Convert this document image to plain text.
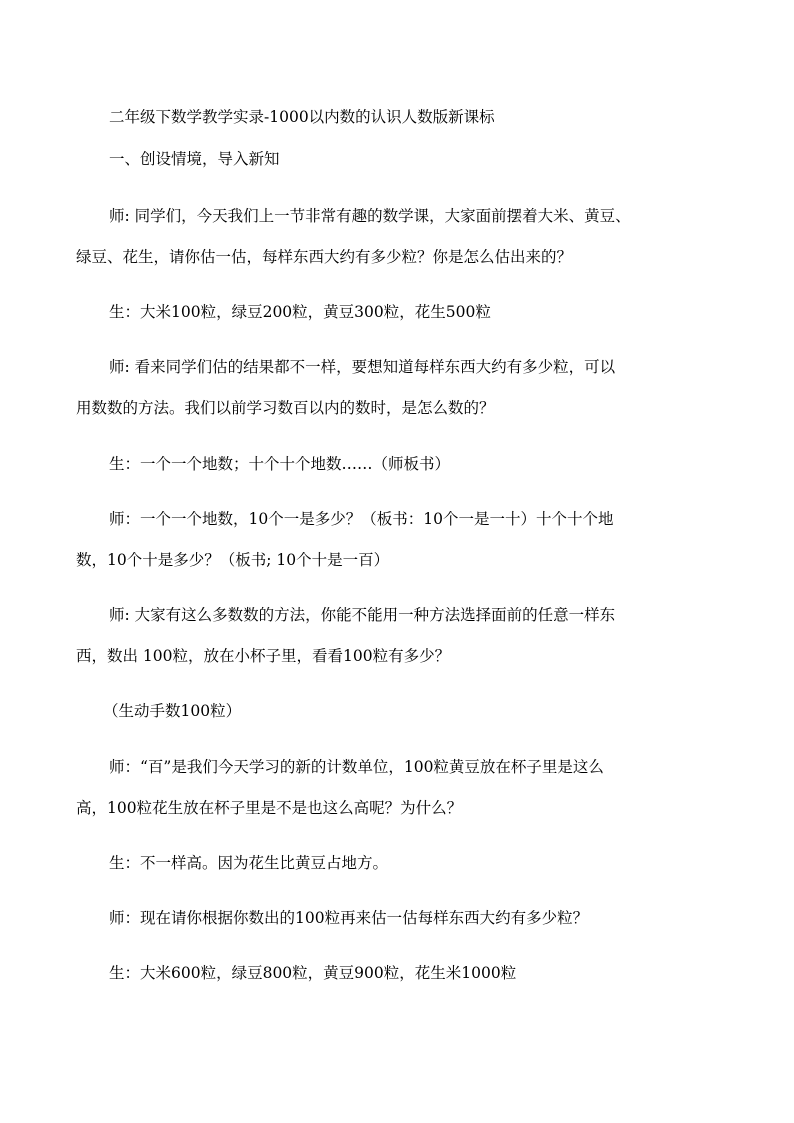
二年级下数学教学实录-1000以内数的认识人数版新课标

一、创设情境，导入新知

师: 同学们，今天我们上一节非常有趣的数学课，大家面前摆着大米、黄豆、

绿豆、花生，请你估一估，每样东西大约有多少粒？你是怎么估出来的？

生：大米100粒，绿豆200粒，黄豆300粒，花生500粒

师: 看来同学们估的结果都不一样，要想知道每样东西大约有多少粒，可以

用数数的方法。我们以前学习数百以内的数时，是怎么数的？

生：一个一个地数；十个十个地数……（师板书）

师：一个一个地数，10个一是多少？（板书：10个一是一十）十个十个地

数，10个十是多少？（板书; 10个十是一百）

师: 大家有这么多数数的方法，你能不能用一种方法选择面前的任意一样东

西，数出 100粒，放在小杯子里，看看100粒有多少？

（生动手数100粒）

师：“百”是我们今天学习的新的计数单位，100粒黄豆放在杯子里是这么

高，100粒花生放在杯子里是不是也这么高呢？为什么？

生：不一样高。因为花生比黄豆占地方。

师：现在请你根据你数出的100粒再来估一估每样东西大约有多少粒？

生：大米600粒，绿豆800粒，黄豆900粒，花生米1000粒
